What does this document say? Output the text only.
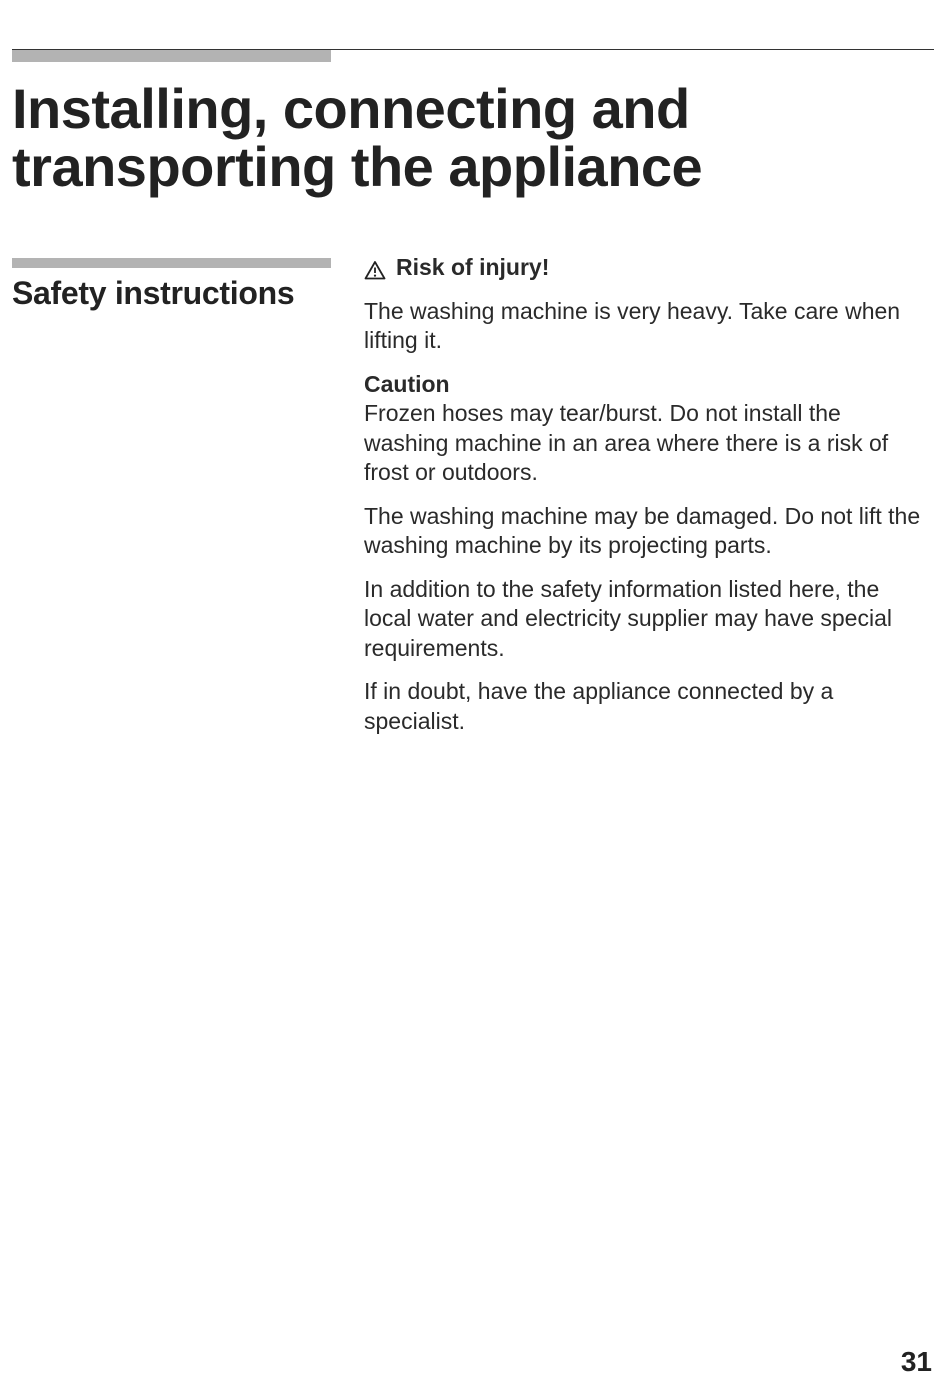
Installing, connecting and
transporting the appliance
Safety instructions
Risk of injury!

The washing machine is very heavy. Take care when lifting it.

Caution
Frozen hoses may tear/burst. Do not install the washing machine in an area where there is a risk of frost or outdoors.

The washing machine may be damaged. Do not lift the washing machine by its projecting parts.

In addition to the safety information listed here, the local water and electricity supplier may have special requirements.

If in doubt, have the appliance connected by a specialist.

31
